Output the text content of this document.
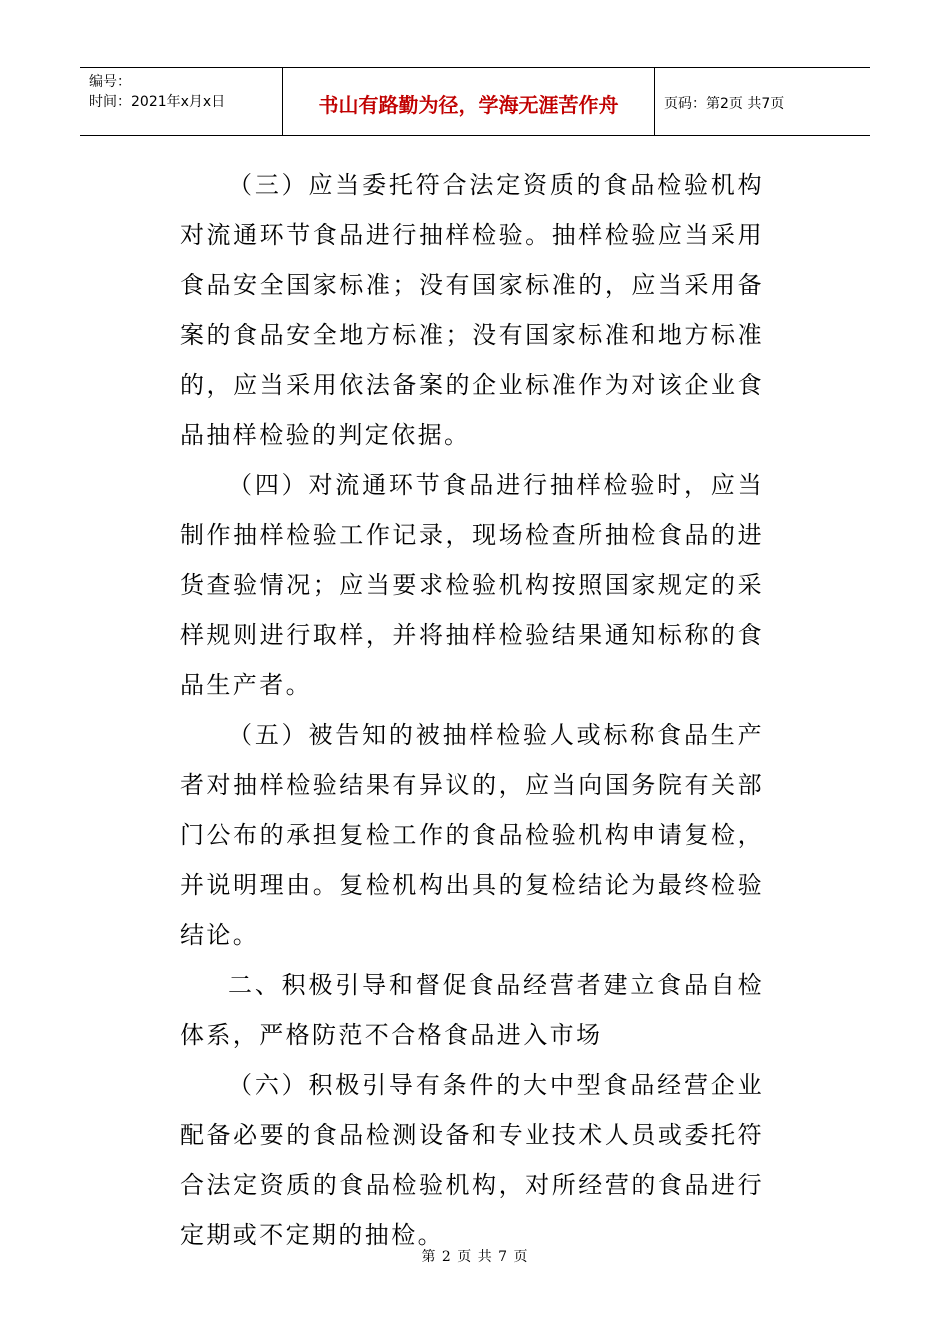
编号：
时间：2021年x月x日	书山有路勤为径，学海无涯苦作舟	页码：第2页 共7页

（三）应当委托符合法定资质的食品检验机构对流通环节食品进行抽样检验。抽样检验应当采用食品安全国家标准；没有国家标准的，应当采用备案的食品安全地方标准；没有国家标准和地方标准的，应当采用依法备案的企业标准作为对该企业食品抽样检验的判定依据。

（四）对流通环节食品进行抽样检验时，应当制作抽样检验工作记录，现场检查所抽检食品的进货查验情况；应当要求检验机构按照国家规定的采样规则进行取样，并将抽样检验结果通知标称的食品生产者。

（五）被告知的被抽样检验人或标称食品生产者对抽样检验结果有异议的，应当向国务院有关部门公布的承担复检工作的食品检验机构申请复检，并说明理由。复检机构出具的复检结论为最终检验结论。

二、积极引导和督促食品经营者建立食品自检体系，严格防范不合格食品进入市场

（六）积极引导有条件的大中型食品经营企业配备必要的食品检测设备和专业技术人员或委托符合法定资质的食品检验机构，对所经营的食品进行定期或不定期的抽检。

第 2 页 共 7 页
